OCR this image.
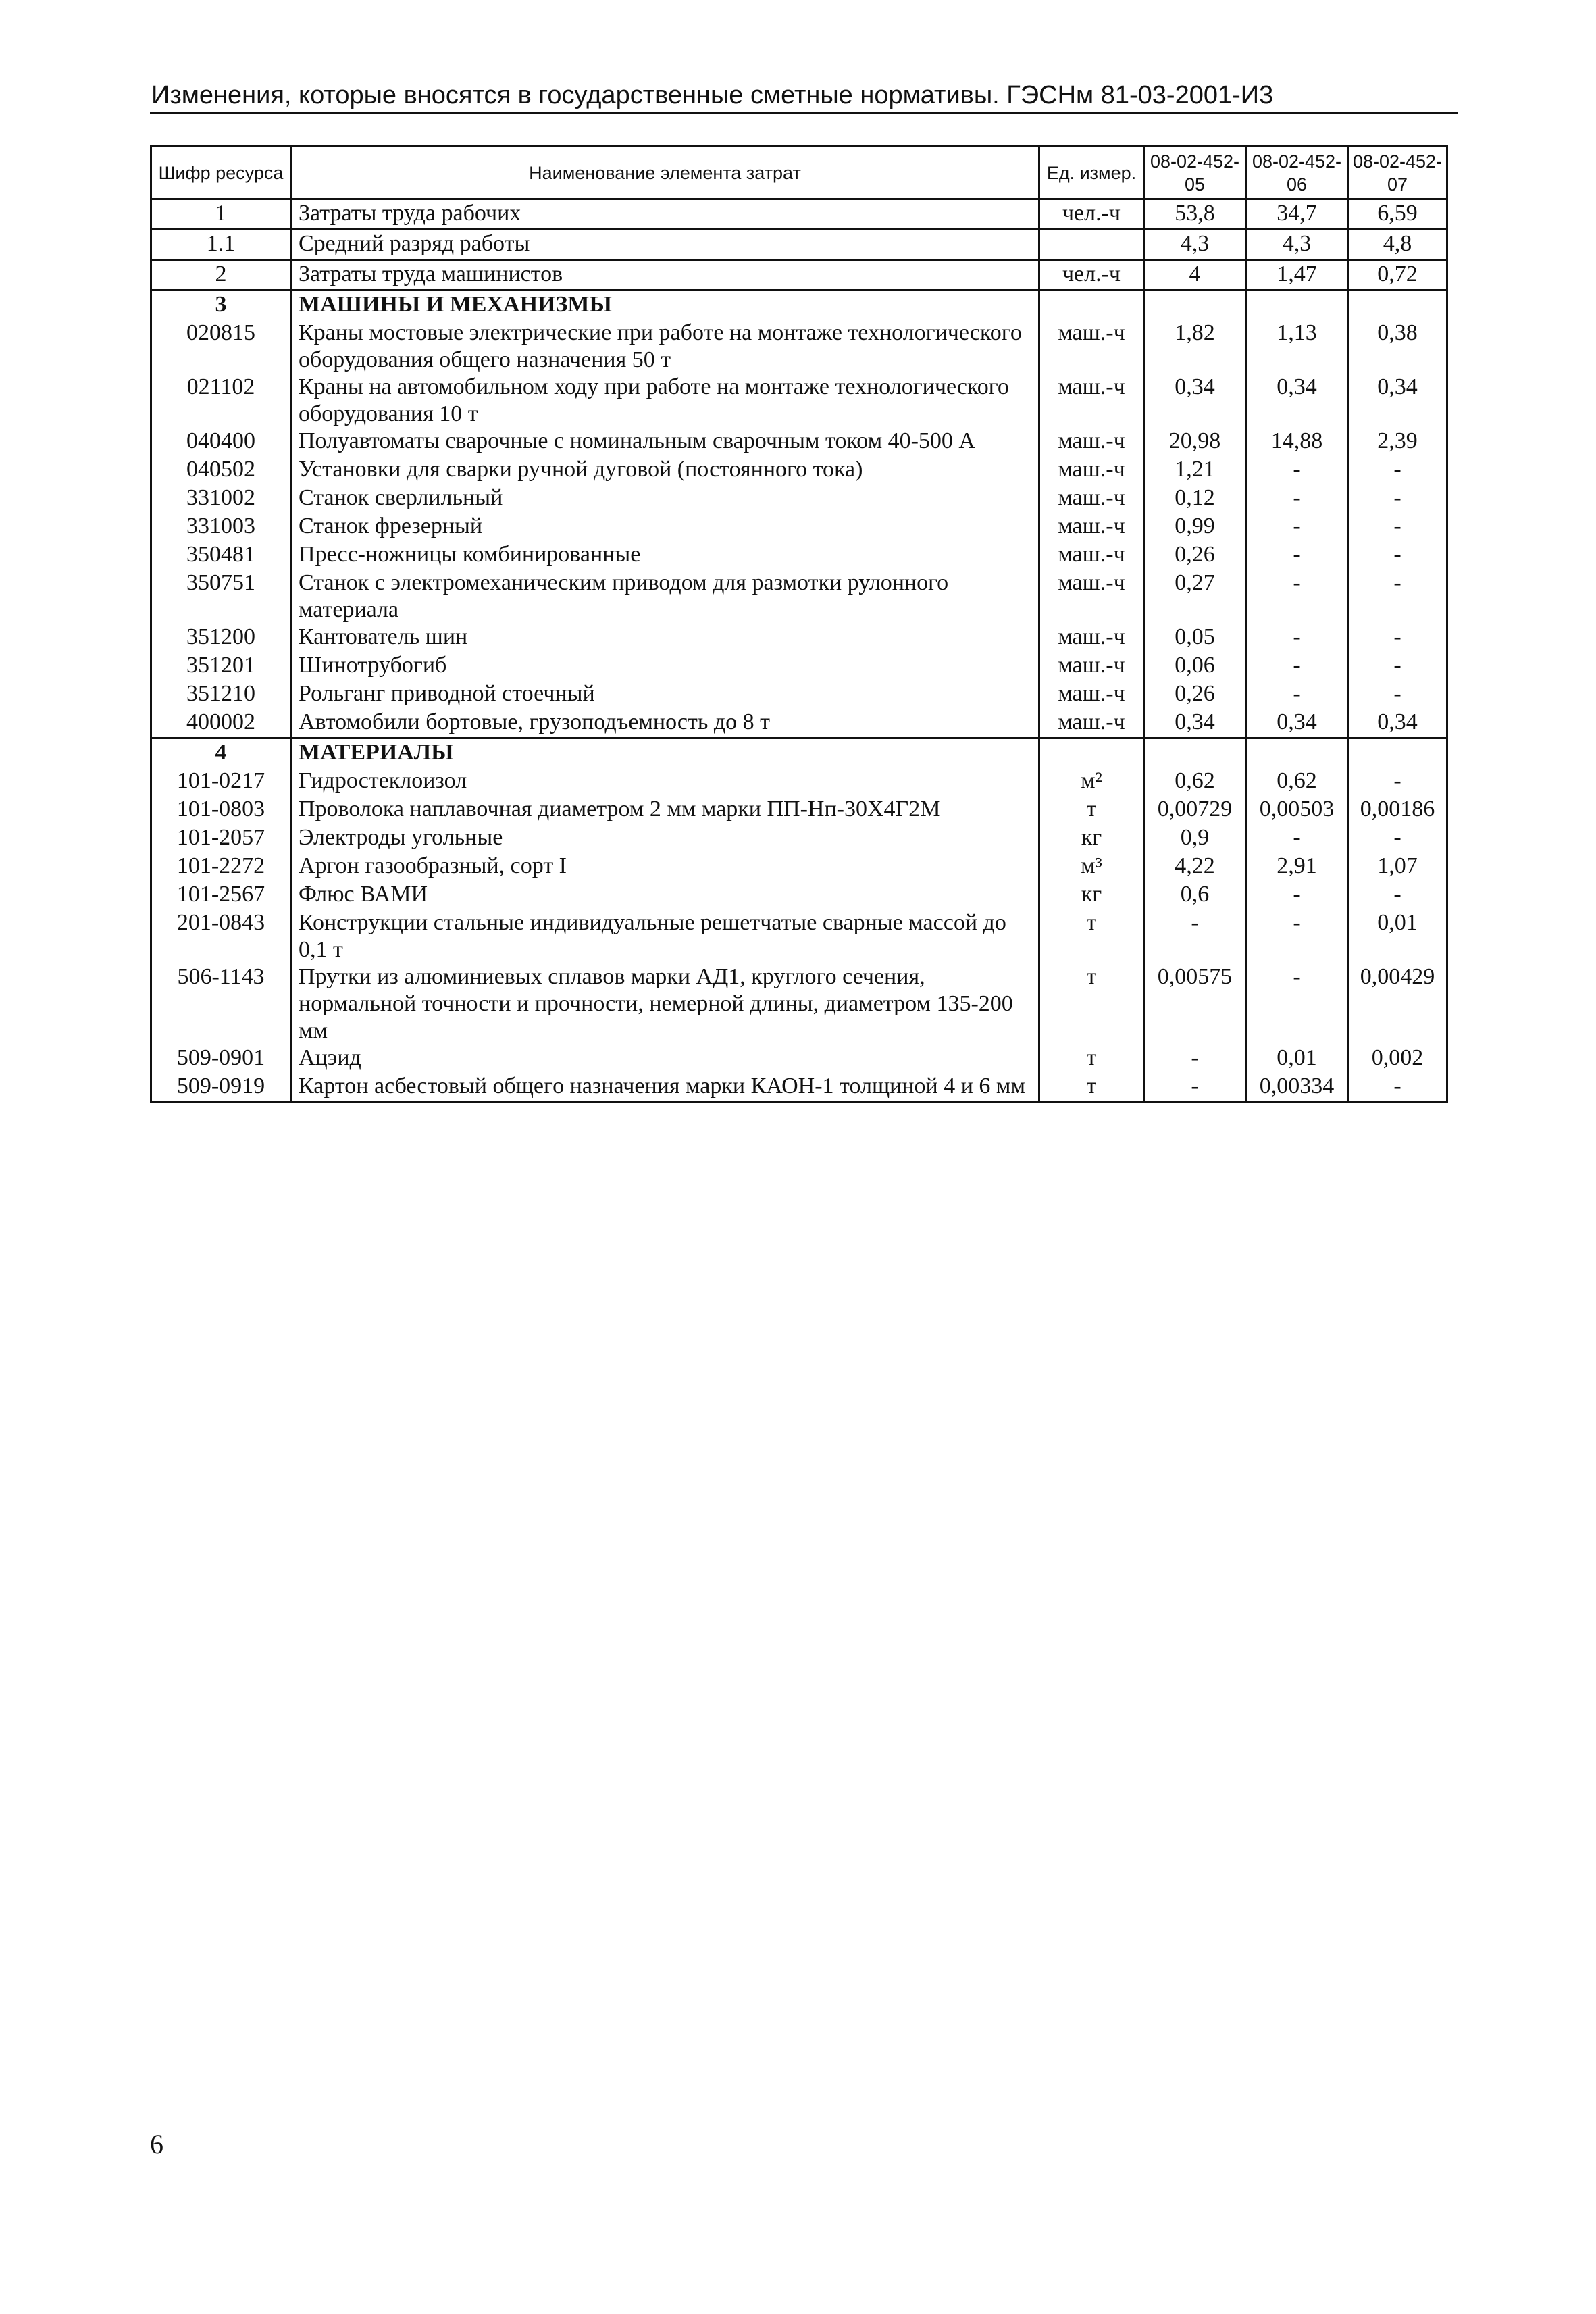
Изменения, которые вносятся в государственные сметные нормативы. ГЭСНм 81-03-2001-И3
Шифр ресурса	Наименование элемента затрат	Ед. измер.	08-02-452-05	08-02-452-06	08-02-452-07
1	Затраты труда рабочих	чел.-ч	53,8	34,7	6,59
1.1	Средний разряд работы		4,3	4,3	4,8
2	Затраты труда машинистов	чел.-ч	4	1,47	0,72
3	МАШИНЫ И МЕХАНИЗМЫ				
020815	Краны мостовые электрические при работе на монтаже технологического оборудования общего назначения 50 т	маш.-ч	1,82	1,13	0,38
021102	Краны на автомобильном ходу при работе на монтаже технологического оборудования 10 т	маш.-ч	0,34	0,34	0,34
040400	Полуавтоматы сварочные с номинальным сварочным током 40-500 А	маш.-ч	20,98	14,88	2,39
040502	Установки для сварки ручной дуговой (постоянного тока)	маш.-ч	1,21	-	-
331002	Станок сверлильный	маш.-ч	0,12	-	-
331003	Станок фрезерный	маш.-ч	0,99	-	-
350481	Пресс-ножницы комбинированные	маш.-ч	0,26	-	-
350751	Станок с электромеханическим приводом для размотки рулонного материала	маш.-ч	0,27	-	-
351200	Кантователь шин	маш.-ч	0,05	-	-
351201	Шинотрубогиб	маш.-ч	0,06	-	-
351210	Рольганг приводной стоечный	маш.-ч	0,26	-	-
400002	Автомобили бортовые, грузоподъемность до 8 т	маш.-ч	0,34	0,34	0,34
4	МАТЕРИАЛЫ				
101-0217	Гидростеклоизол	м²	0,62	0,62	-
101-0803	Проволока наплавочная диаметром 2 мм марки ПП-Нп-30Х4Г2М	т	0,00729	0,00503	0,00186
101-2057	Электроды угольные	кг	0,9	-	-
101-2272	Аргон газообразный, сорт I	м³	4,22	2,91	1,07
101-2567	Флюс ВАМИ	кг	0,6	-	-
201-0843	Конструкции стальные индивидуальные решетчатые сварные массой до 0,1 т	т	-	-	0,01
506-1143	Прутки из алюминиевых сплавов марки АД1, круглого сечения, нормальной точности и прочности, немерной длины, диаметром 135-200 мм	т	0,00575	-	0,00429
509-0901	Ацэид	т	-	0,01	0,002
509-0919	Картон асбестовый общего назначения марки КАОН-1 толщиной 4 и 6 мм	т	-	0,00334	-
6
